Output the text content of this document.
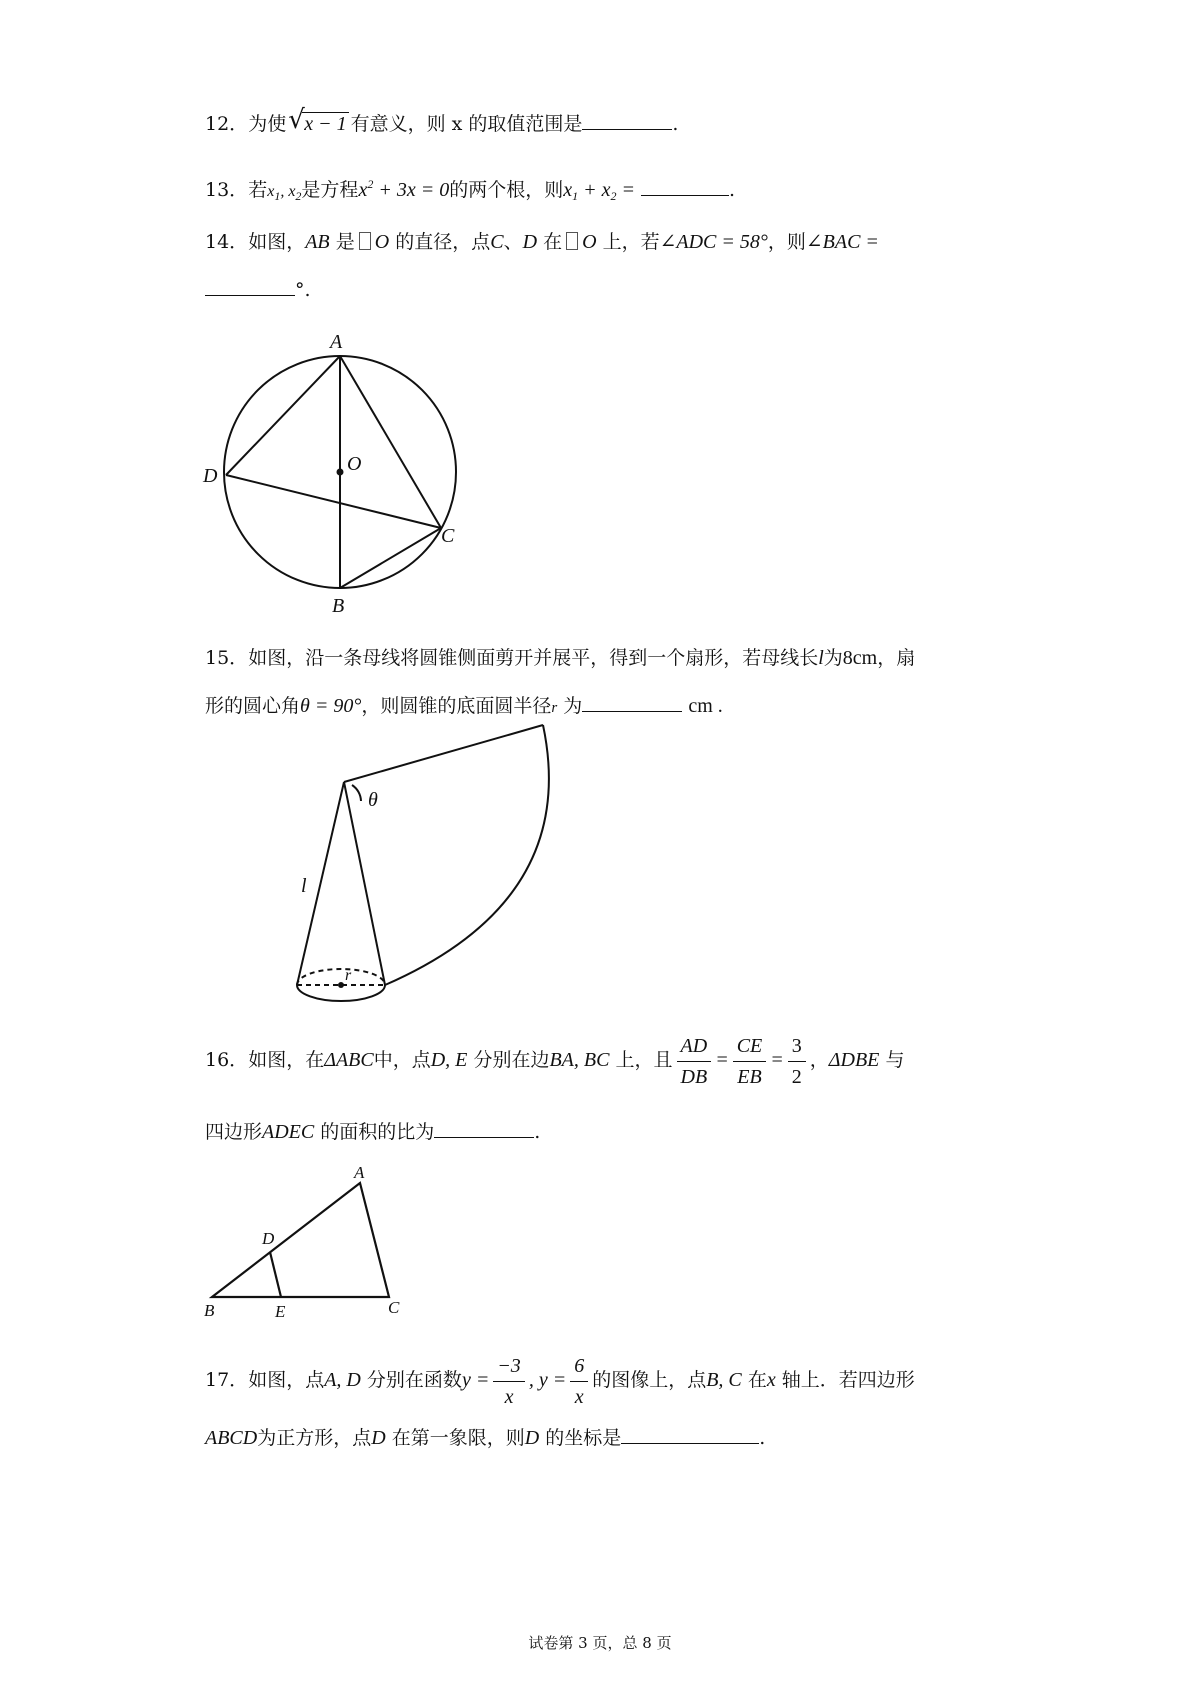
12．为使 √ x − 1 有意义，则 x 的取值范围是	.
13．若$x_1$, $x_2$是方程$x^2 + 3x = 0$的两个根，则$x_1 + x_2$ =	.
14．如图，AB 是 O 的直径，点C、D 在 O 上，若∠ADC = 58°，则∠BAC =
°.
15．如图，沿一条母线将圆锥侧面剪开并展平，得到一个扇形，若母线长l为8cm，扇
形的圆心角θ = 90°，则圆锥的底面圆半径r 为	cm .
16．如图，在ΔABC中，点D, E 分别在边BA, BC 上，且 $\frac{AD}{DB} = \frac{CE}{EB} = \frac{3}{2}$ ，ΔDBE 与
四边形ADEC 的面积的比为	.
17．如图，点A, D 分别在函数$y = \frac{-3}{x}$ , $y = \frac{6}{x}$ 的图像上，点B, C 在x 轴上．若四边形
ABCD为正方形，点D 在第一象限，则D 的坐标是	.
A
B
C
D
O
θ
l
r
A
B	C
D
E
试卷第 3 页，总 8 页
